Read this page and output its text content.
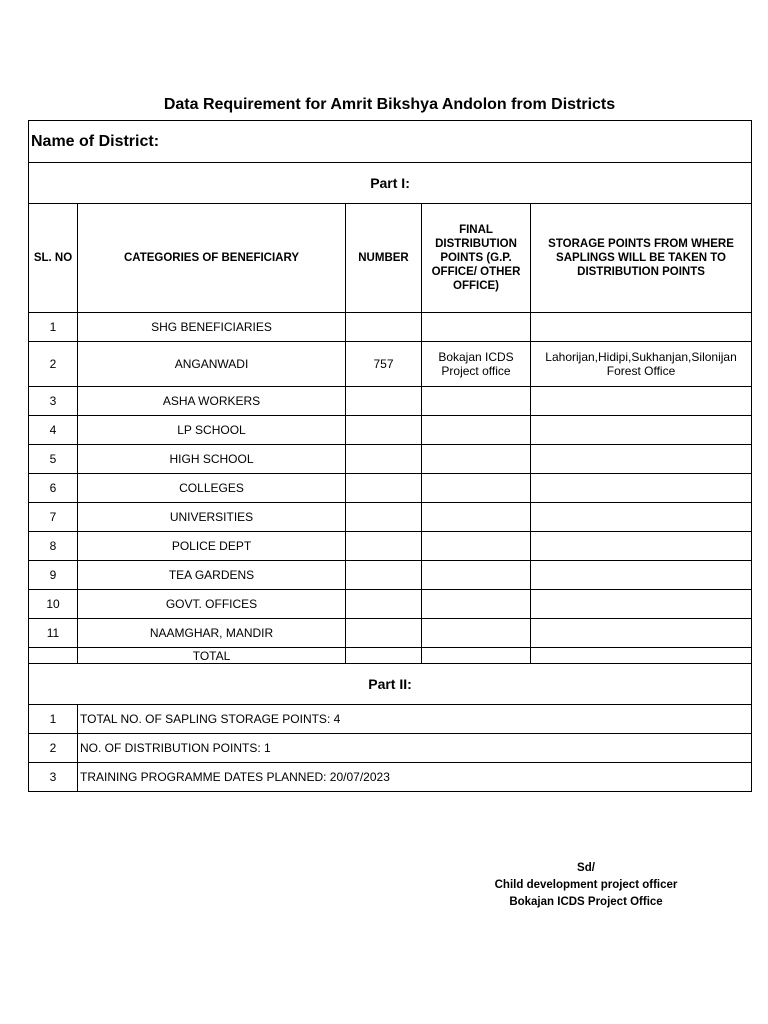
Data Requirement for Amrit Bikshya Andolon from Districts
Name of District:				
Part I:				
SL. NO	CATEGORIES OF BENEFICIARY	NUMBER	FINAL DISTRIBUTION POINTS (G.P. OFFICE/ OTHER OFFICE)	STORAGE POINTS FROM WHERE SAPLINGS WILL BE TAKEN TO DISTRIBUTION POINTS
1	SHG BENEFICIARIES			
2	ANGANWADI	757	Bokajan ICDS Project office	Lahorijan,Hidipi,Sukhanjan,Silonijan Forest Office
3	ASHA WORKERS			
4	LP SCHOOL			
5	HIGH SCHOOL			
6	COLLEGES			
7	UNIVERSITIES			
8	POLICE DEPT			
9	TEA GARDENS			
10	GOVT. OFFICES			
11	NAAMGHAR, MANDIR			
	TOTAL			
Part II:				
1	TOTAL NO. OF SAPLING STORAGE POINTS: 4			
2	NO. OF DISTRIBUTION POINTS: 1			
3	TRAINING PROGRAMME DATES PLANNED: 20/07/2023			
Sd/
Child development project officer
Bokajan ICDS Project Office
